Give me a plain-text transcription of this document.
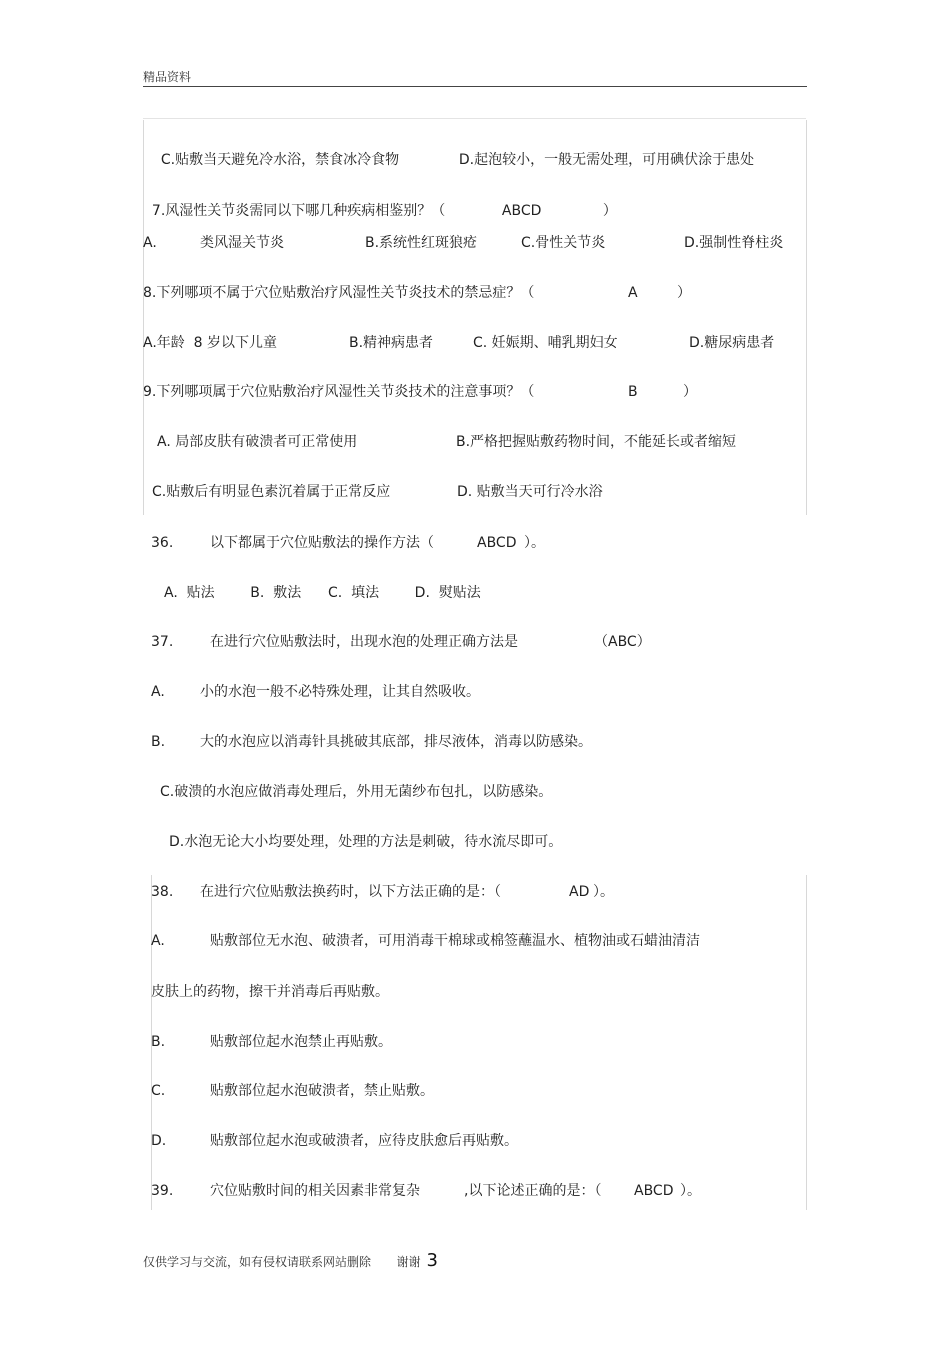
精品资料

C.贴敷当天避免冷水浴，禁食冰冷食物	D.起泡较小，一般无需处理，可用碘伏涂于患处

7.风湿性关节炎需同以下哪几种疾病相鉴别？（	ABCD	）

A.	类风湿关节炎	B.系统性红斑狼疮	C.骨性关节炎	D.强制性脊柱炎
8.下列哪项不属于穴位贴敷治疗风湿性关节炎技术的禁忌症？（	A	）
A.年龄  8 岁以下儿童	B.精神病患者	C. 妊娠期、哺乳期妇女	D.糖尿病患者
9.下列哪项属于穴位贴敷治疗风湿性关节炎技术的注意事项？（	B	）
A. 局部皮肤有破溃者可正常使用	B.严格把握贴敷药物时间，不能延长或者缩短
C.贴敷后有明显色素沉着属于正常反应	D. 贴敷当天可行冷水浴
36.	以下都属于穴位贴敷法的操作方法（	ABCD ）。
A.  贴法        B.  敷法      C.  填法        D.  熨贴法
37.	在进行穴位贴敷法时，出现水泡的处理正确方法是	（ABC）
A.	小的水泡一般不必特殊处理，让其自然吸收。
B. 大的水泡应以消毒针具挑破其底部，排尽液体，消毒以防感染。
C.破溃的水泡应做消毒处理后，外用无菌纱布包扎，以防感染。
D.水泡无论大小均要处理，处理的方法是刺破，待水流尽即可。
38. 在进行穴位贴敷法换药时，以下方法正确的是：（	AD ）。
A.	贴敷部位无水泡、破溃者，可用消毒干棉球或棉签蘸温水、植物油或石蜡油清洁
皮肤上的药物，擦干并消毒后再贴敷。
B.	贴敷部位起水泡禁止再贴敷。
C.	贴敷部位起水泡破溃者，禁止贴敷。
D.	贴敷部位起水泡或破溃者，应待皮肤愈后再贴敷。
39.	穴位贴敷时间的相关因素非常复杂	,以下论述正确的是：（ ABCD ）。
仅供学习与交流，如有侵权请联系网站删除 谢谢 3
